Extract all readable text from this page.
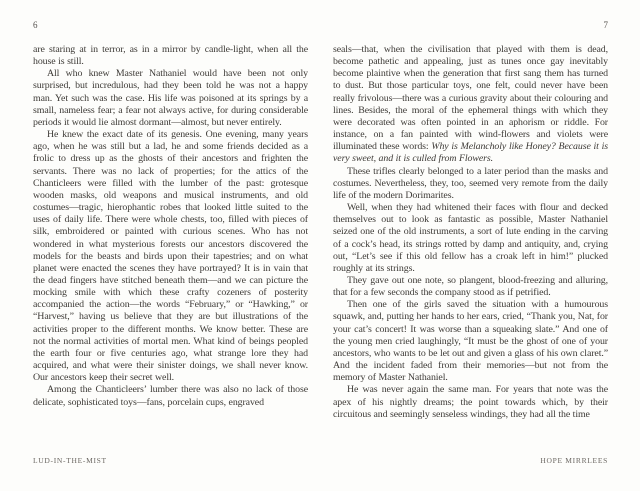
6

are staring at in terror, as in a mirror by candle-light, when all the house is still.

All who knew Master Nathaniel would have been not only surprised, but incredulous, had they been told he was not a happy man. Yet such was the case. His life was poisoned at its springs by a small, nameless fear; a fear not always active, for during considerable periods it would lie almost dormant—almost, but never entirely.

He knew the exact date of its genesis. One evening, many years ago, when he was still but a lad, he and some friends decided as a frolic to dress up as the ghosts of their ancestors and frighten the servants. There was no lack of properties; for the attics of the Chanticleers were filled with the lumber of the past: grotesque wooden masks, old weapons and musical instruments, and old costumes—tragic, hierophantic robes that looked little suited to the uses of daily life. There were whole chests, too, filled with pieces of silk, embroidered or painted with curious scenes. Who has not wondered in what mysterious forests our ancestors discovered the models for the beasts and birds upon their tapestries; and on what planet were enacted the scenes they have portrayed? It is in vain that the dead fingers have stitched beneath them—and we can picture the mocking smile with which these crafty cozeners of posterity accompanied the action—the words “February,” or “Hawking,” or “Harvest,” having us believe that they are but illustrations of the activities proper to the different months. We know better. These are not the normal activities of mortal men. What kind of beings peopled the earth four or five centuries ago, what strange lore they had acquired, and what were their sinister doings, we shall never know. Our ancestors keep their secret well.

Among the Chanticleers’ lumber there was also no lack of those delicate, sophisticated toys—fans, porcelain cups, engraved

LUD-IN-THE-MIST
7

seals—that, when the civilisation that played with them is dead, become pathetic and appealing, just as tunes once gay inevitably become plaintive when the generation that first sang them has turned to dust. But those particular toys, one felt, could never have been really frivolous—there was a curious gravity about their colouring and lines. Besides, the moral of the ephemeral things with which they were decorated was often pointed in an aphorism or riddle. For instance, on a fan painted with wind-flowers and violets were illuminated these words: Why is Melancholy like Honey? Because it is very sweet, and it is culled from Flowers.

These trifles clearly belonged to a later period than the masks and costumes. Nevertheless, they, too, seemed very remote from the daily life of the modern Dorimarites.

Well, when they had whitened their faces with flour and decked themselves out to look as fantastic as possible, Master Nathaniel seized one of the old instruments, a sort of lute ending in the carving of a cock’s head, its strings rotted by damp and antiquity, and, crying out, “Let’s see if this old fellow has a croak left in him!” plucked roughly at its strings.

They gave out one note, so plangent, blood-freezing and alluring, that for a few seconds the company stood as if petrified.

Then one of the girls saved the situation with a humourous squawk, and, putting her hands to her ears, cried, “Thank you, Nat, for your cat’s concert! It was worse than a squeaking slate.” And one of the young men cried laughingly, “It must be the ghost of one of your ancestors, who wants to be let out and given a glass of his own claret.” And the incident faded from their memories—but not from the memory of Master Nathaniel.

He was never again the same man. For years that note was the apex of his nightly dreams; the point towards which, by their circuitous and seemingly senseless windings, they had all the time

HOPE MIRRLEES
